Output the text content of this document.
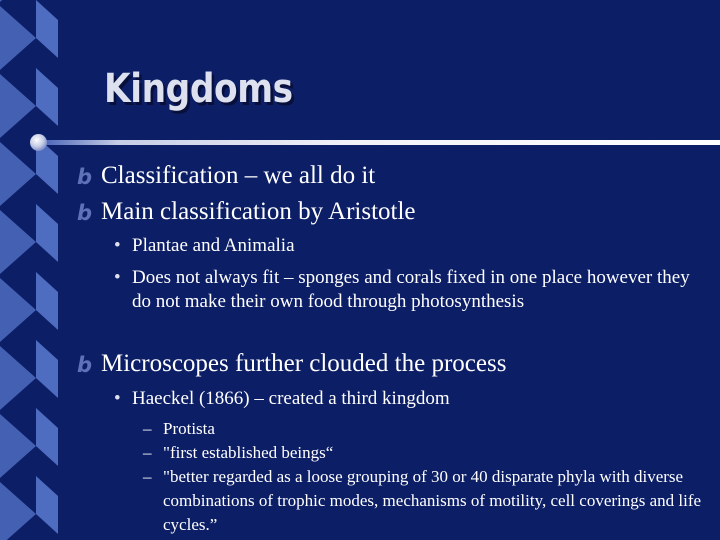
Kingdoms
b Classification – we all do it
b Main classification by Aristotle
• Plantae and Animalia
• Does not always fit – sponges and corals fixed in one place however they do not make their own food through photosynthesis
b Microscopes further clouded the process
• Haeckel (1866) – created a third kingdom
– Protista
– "first established beings“
– "better regarded as a loose grouping of 30 or 40 disparate phyla with diverse combinations of trophic modes, mechanisms of motility, cell coverings and life cycles.”
